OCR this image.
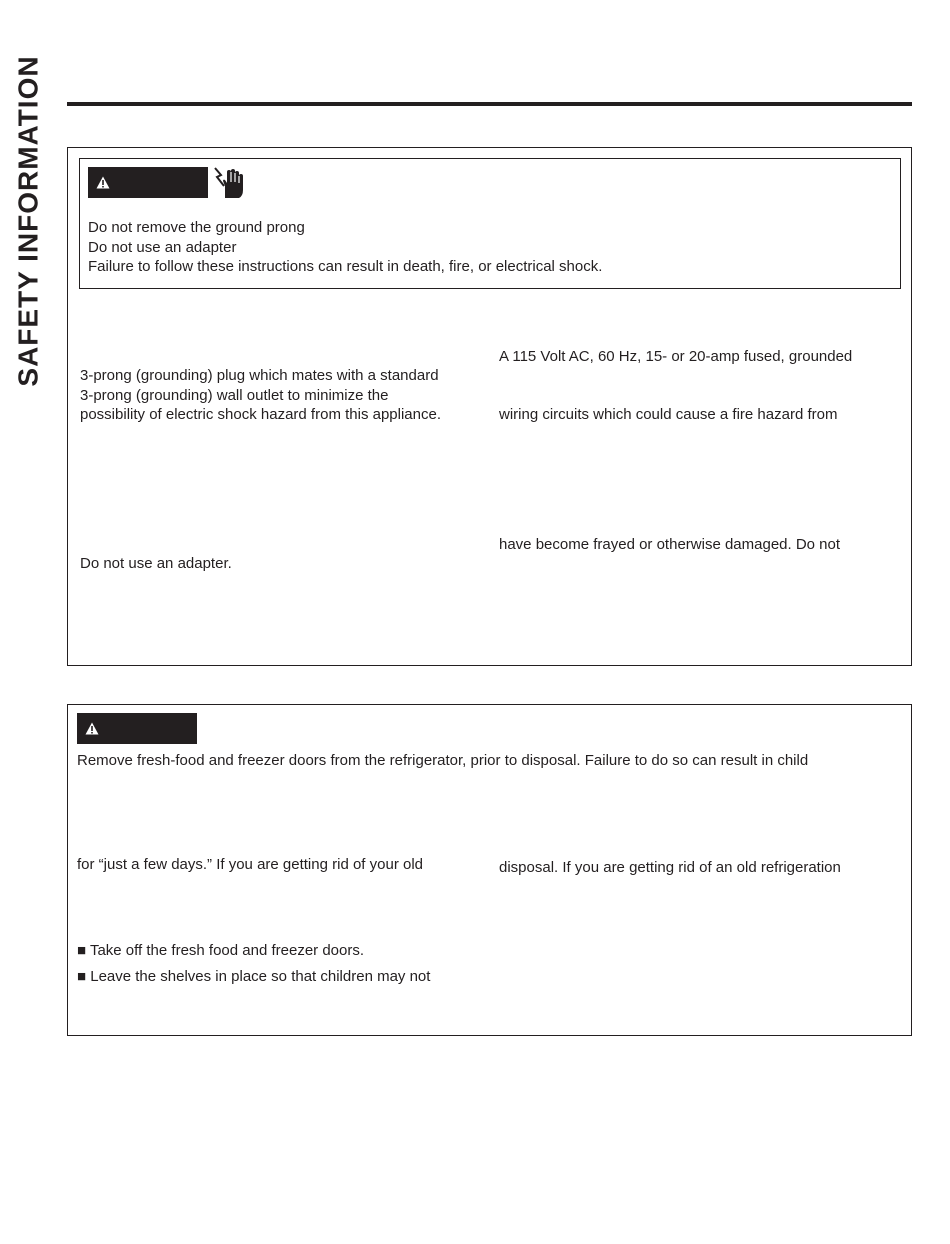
SAFETY INFORMATION	Do not remove the ground prong
Do not use an adapter
Failure to follow these instructions can result in death, fire, or electrical shock.
3-prong (grounding) plug which mates with a standard
3-prong (grounding) wall outlet to minimize the
possibility of electric shock hazard from this appliance.
Do not use an adapter.
A 115 Volt AC, 60 Hz, 15- or 20-amp fused, grounded
wiring circuits which could cause a fire hazard from
have become frayed or otherwise damaged. Do not
Remove fresh-food and freezer doors from the refrigerator, prior to disposal. Failure to do so can result in child
for “just a few days.” If you are getting rid of your old	disposal. If you are getting rid of an old refrigeration
■ Take off the fresh food and freezer doors.
■ Leave the shelves in place so that children may not
